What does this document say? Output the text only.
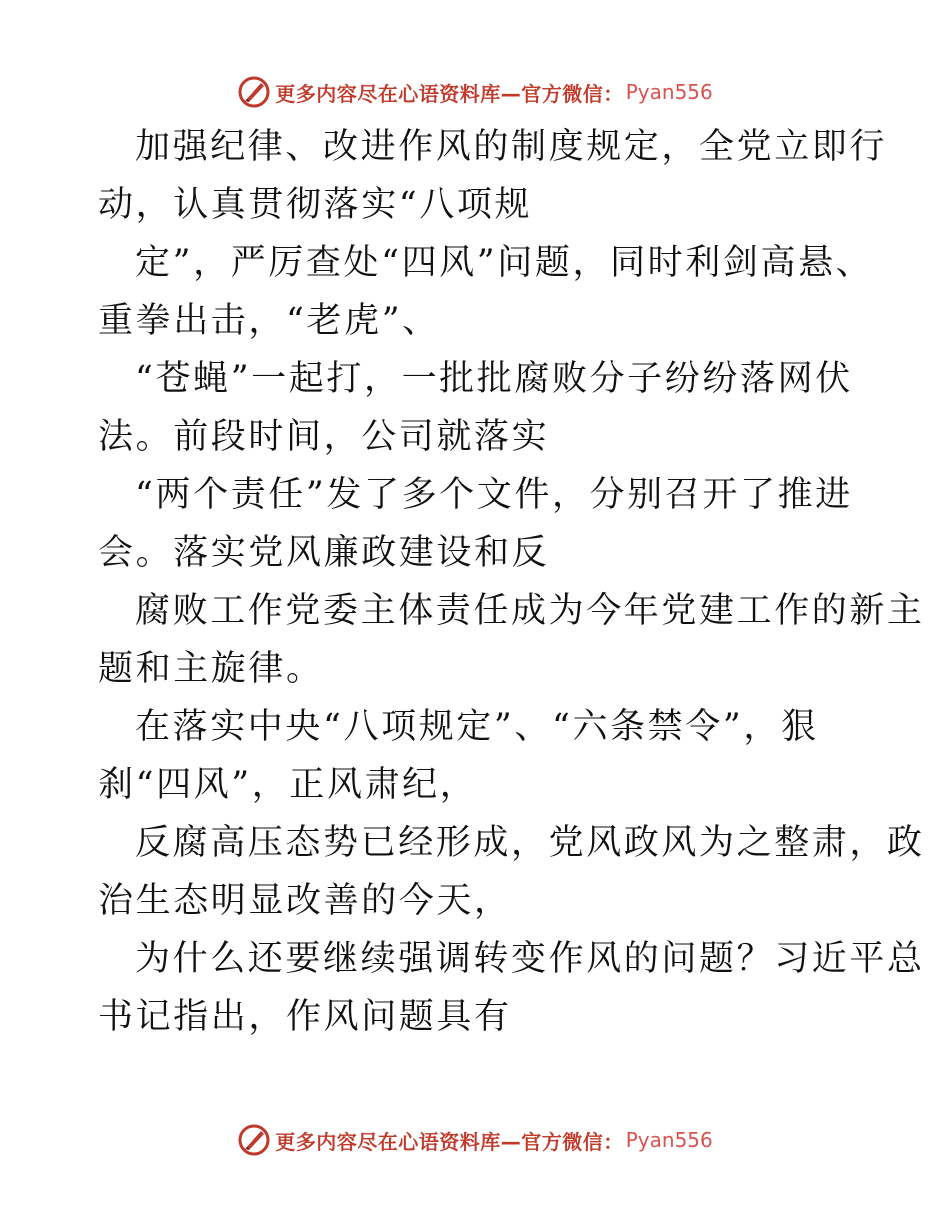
更多内容尽在心语资料库—官方微信： Pyan556
加强纪律、改进作风的制度规定，全党立即行
动，认真贯彻落实“八项规
定”，严厉查处“四风”问题，同时利剑高悬、
重拳出击，“老虎”、
“苍蝇”一起打，一批批腐败分子纷纷落网伏
法。前段时间，公司就落实
“两个责任”发了多个文件，分别召开了推进
会。落实党风廉政建设和反
腐败工作党委主体责任成为今年党建工作的新主
题和主旋律。
在落实中央“八项规定”、“六条禁令”，狠
刹“四风”，正风肃纪，
反腐高压态势已经形成，党风政风为之整肃，政
治生态明显改善的今天，
为什么还要继续强调转变作风的问题？习近平总
书记指出，作风问题具有
更多内容尽在心语资料库—官方微信： Pyan556
